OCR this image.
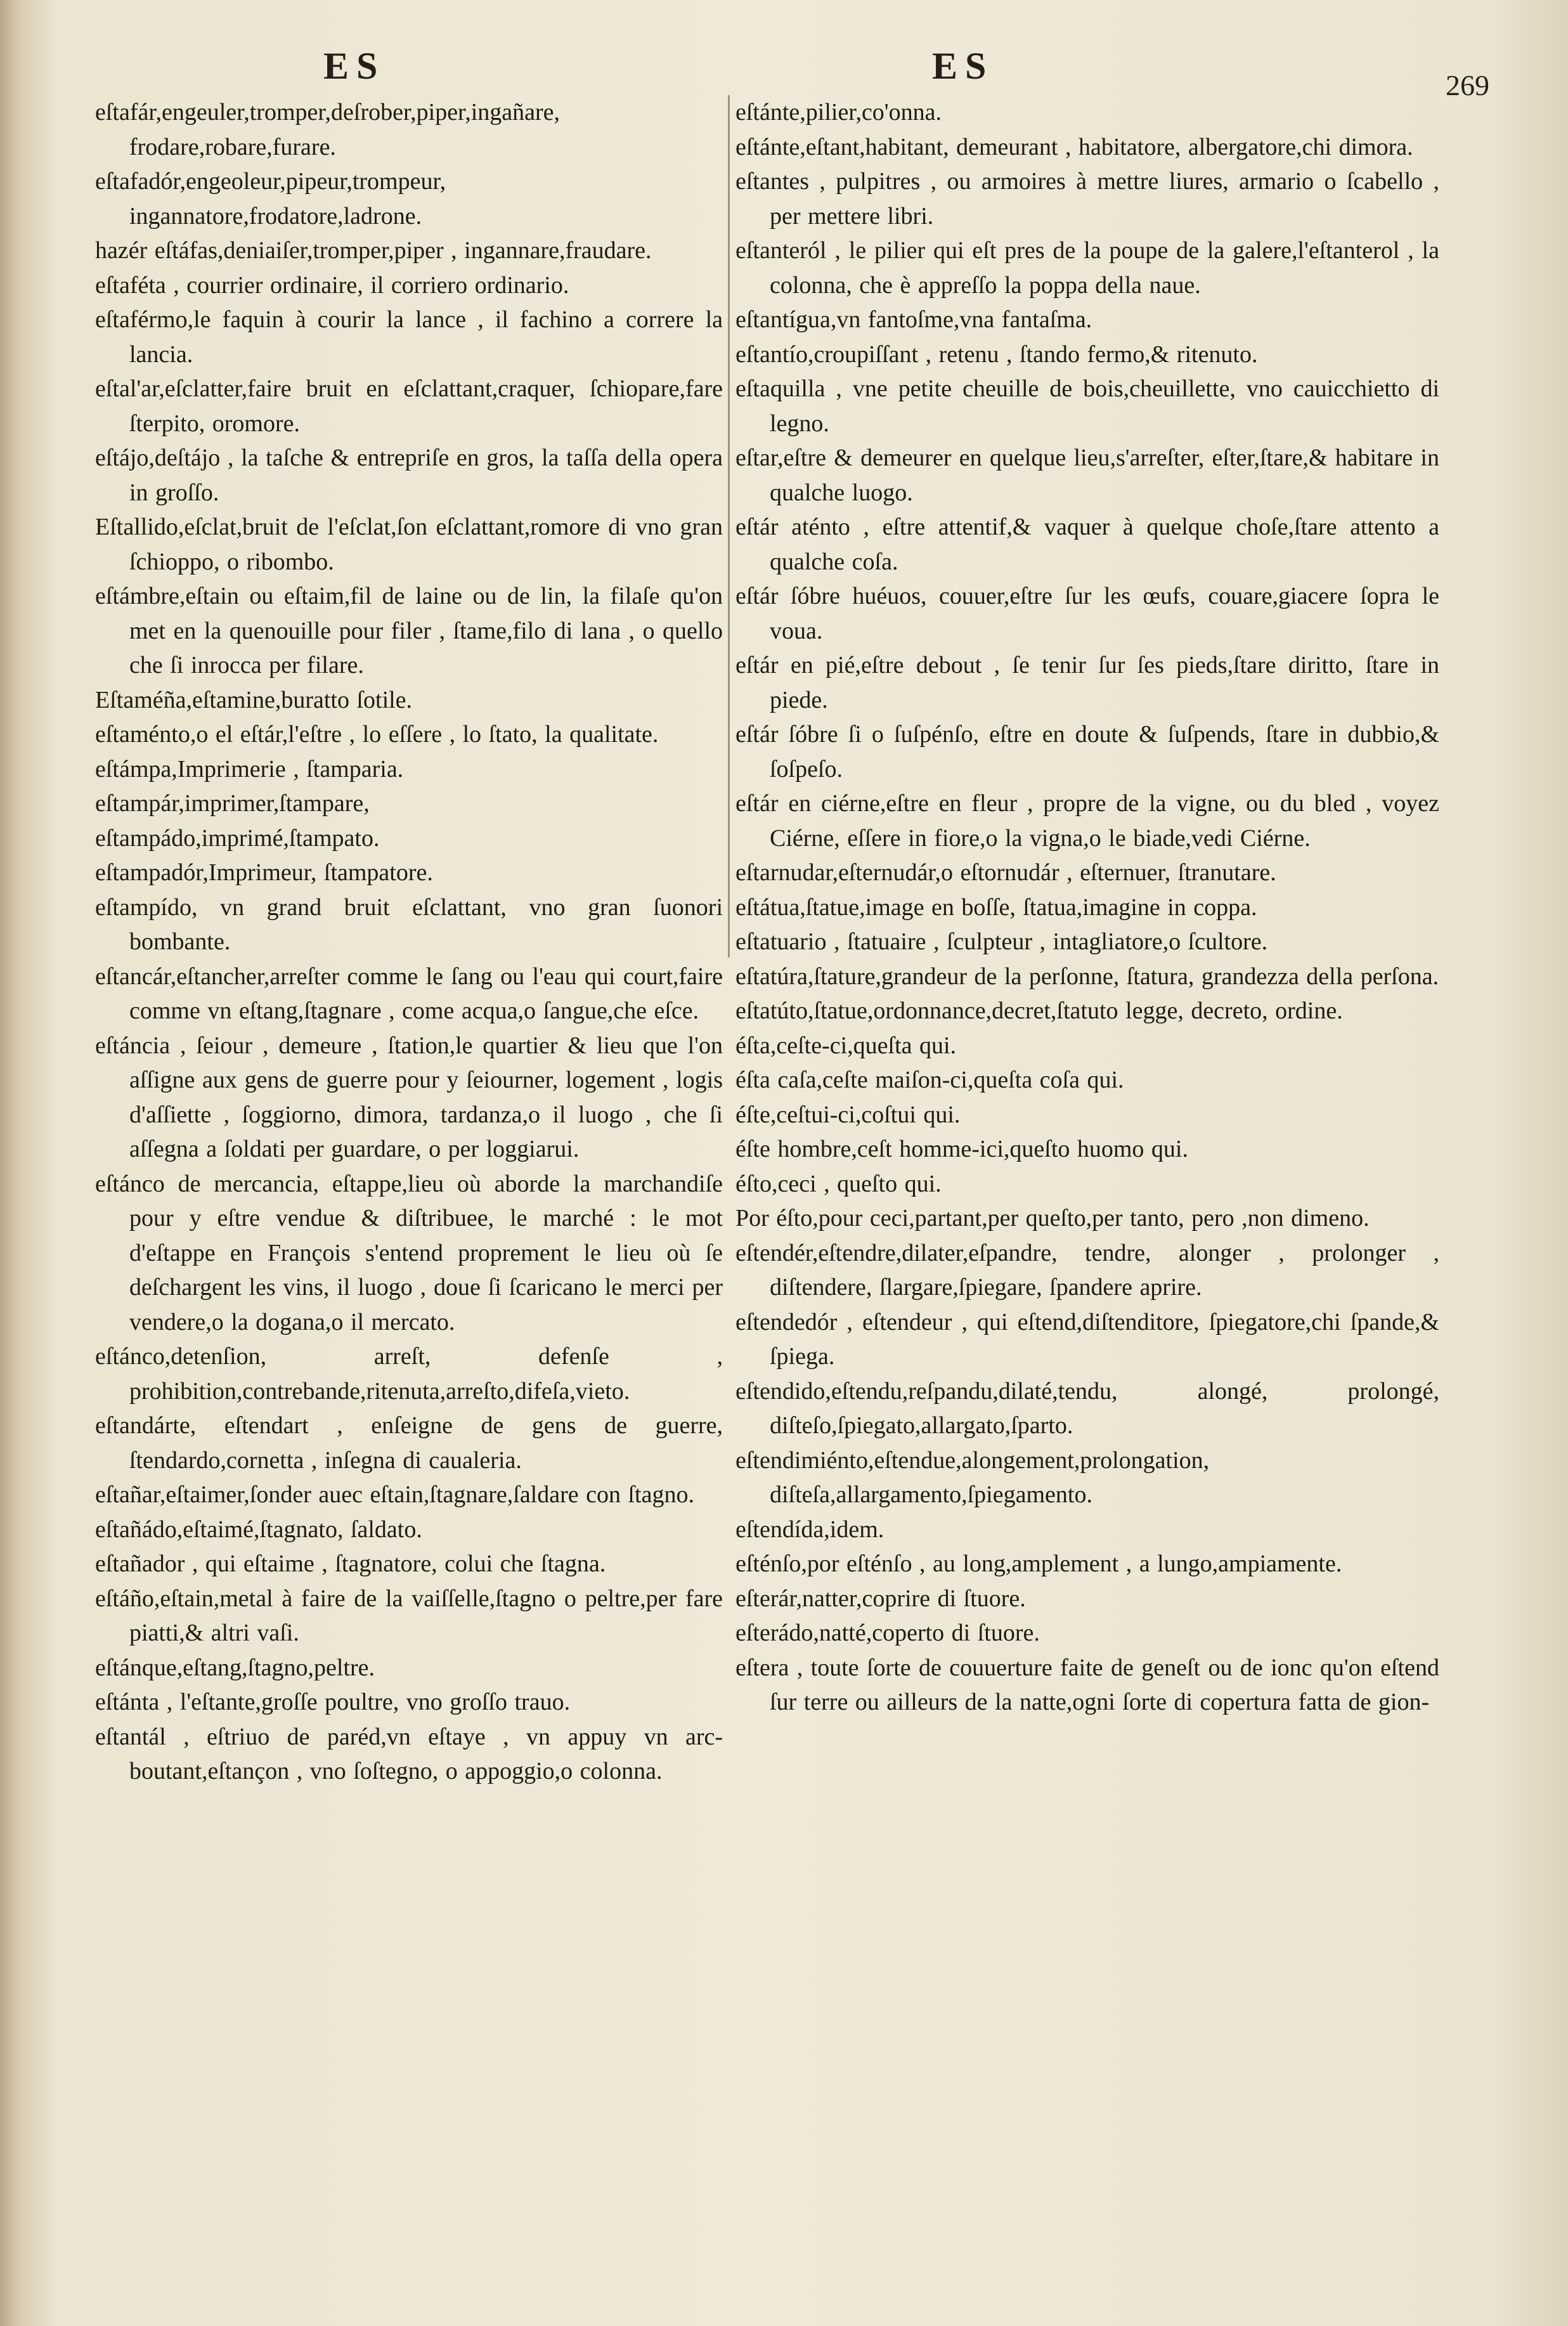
ES	ES	269

eſtafár,engeuler,tromper,deſrober,piper,ingañare, frodare,robare,furare.

eſtafadór,engeoleur,pipeur,trompeur, ingannatore,frodatore,ladrone.

hazér eſtáfas,deniaiſer,tromper,piper , ingannare,fraudare.

eſtaféta , courrier ordinaire, il corriero ordinario.

eſtaférmo,le faquin à courir la lance , il fachino a correre la lancia.

eſtal'ar,eſclatter,faire bruit en eſclattant,craquer, ſchiopare,fare ſterpito, oromore.

eſtájo,deſtájo , la taſche & entrepriſe en gros, la taſſa della opera in groſſo.

Eſtallido,eſclat,bruit de l'eſclat,ſon eſclattant,romore di vno gran ſchioppo, o ribombo.

eſtámbre,eſtain ou eſtaim,fil de laine ou de lin, la filaſe qu'on met en la quenouille pour filer , ſtame,filo di lana , o quello che ſi inrocca per filare.

Eſtaméña,eſtamine,buratto ſotile.

eſtaménto,o el eſtár,l'eſtre , lo eſſere , lo ſtato, la qualitate.

eſtámpa,Imprimerie , ſtamparia.

eſtampár,imprimer,ſtampare,

eſtampádo,imprimé,ſtampato.

eſtampadór,Imprimeur, ſtampatore.

eſtampído, vn grand bruit eſclattant, vno gran ſuonori bombante.

eſtancár,eſtancher,arreſter comme le ſang ou l'eau qui court,faire comme vn eſtang,ſtagnare , come acqua,o ſangue,che eſce.

eſtáncia , ſeiour , demeure , ſtation,le quartier & lieu que l'on aſſigne aux gens de guerre pour y ſeiourner, logement , logis d'aſſiette , ſoggiorno, dimora, tardanza,o il luogo , che ſi aſſegna a ſoldati per guardare, o per loggiarui.

eſtánco de mercancia, eſtappe,lieu où aborde la marchandiſe pour y eſtre vendue & diſtribuee, le marché : le mot d'eſtappe en François s'entend proprement le lieu où ſe deſchargent les vins, il luogo , doue ſi ſcaricano le merci per vendere,o la dogana,o il mercato.

eſtánco,detenſion, arreſt, defenſe , prohibition,contrebande,ritenuta,arreſto,difeſa,vieto.

eſtandárte, eſtendart , enſeigne de gens de guerre, ſtendardo,cornetta , inſegna di caualeria.

eſtañar,eſtaimer,ſonder auec eſtain,ſtagnare,ſaldare con ſtagno.

eſtañádo,eſtaimé,ſtagnato, ſaldato.

eſtañador , qui eſtaime , ſtagnatore, colui che ſtagna.

eſtáño,eſtain,metal à faire de la vaiſſelle,ſtagno o peltre,per fare piatti,& altri vaſi.

eſtánque,eſtang,ſtagno,peltre.

eſtánta , l'eſtante,groſſe poultre, vno groſſo trauo.

eſtantál , eſtriuo de paréd,vn eſtaye , vn appuy vn arc-boutant,eſtançon , vno ſoſtegno, o appoggio,o colonna.

eſtánte,pilier,co'onna.

eſtánte,eſtant,habitant, demeurant , habitatore, albergatore,chi dimora.

eſtantes , pulpitres , ou armoires à mettre liures, armario o ſcabello , per mettere libri.

eſtanteról , le pilier qui eſt pres de la poupe de la galere,l'eſtanterol , la colonna, che è appreſſo la poppa della naue.

eſtantígua,vn fantoſme,vna fantaſma.

eſtantío,croupiſſant , retenu , ſtando fermo,& ritenuto.

eſtaquilla , vne petite cheuille de bois,cheuillette, vno cauicchietto di legno.

eſtar,eſtre & demeurer en quelque lieu,s'arreſter, eſter,ſtare,& habitare in qualche luogo.

eſtár aténto , eſtre attentif,& vaquer à quelque choſe,ſtare attento a qualche coſa.

eſtár ſóbre huéuos, couuer,eſtre ſur les œufs, couare,giacere ſopra le voua.

eſtár en pié,eſtre debout , ſe tenir ſur ſes pieds,ſtare diritto, ſtare in piede.

eſtár ſóbre ſi o ſuſpénſo, eſtre en doute & ſuſpends, ſtare in dubbio,& ſoſpeſo.

eſtár en ciérne,eſtre en fleur , propre de la vigne, ou du bled , voyez Ciérne, eſſere in fiore,o la vigna,o le biade,vedi Ciérne.

eſtarnudar,eſternudár,o eſtornudár , eſternuer, ſtranutare.

eſtátua,ſtatue,image en boſſe, ſtatua,imagine in coppa.

eſtatuario , ſtatuaire , ſculpteur , intagliatore,o ſcultore.

eſtatúra,ſtature,grandeur de la perſonne, ſtatura, grandezza della perſona.

eſtatúto,ſtatue,ordonnance,decret,ſtatuto legge, decreto, ordine.

éſta,ceſte-ci,queſta qui.

éſta caſa,ceſte maiſon-ci,queſta coſa qui.

éſte,ceſtui-ci,coſtui qui.

éſte hombre,ceſt homme-ici,queſto huomo qui.

éſto,ceci , queſto qui.

Por éſto,pour ceci,partant,per queſto,per tanto, pero ,non dimeno.

eſtendér,eſtendre,dilater,eſpandre, tendre, alonger , prolonger , diſtendere, ſlargare,ſpiegare, ſpandere aprire.

eſtendedór , eſtendeur , qui eſtend,diſtenditore, ſpiegatore,chi ſpande,& ſpiega.

eſtendido,eſtendu,reſpandu,dilaté,tendu, alongé, prolongé, diſteſo,ſpiegato,allargato,ſparto.

eſtendimiénto,eſtendue,alongement,prolongation, diſteſa,allargamento,ſpiegamento.

eſtendída,idem.

eſténſo,por eſténſo , au long,amplement , a lungo,ampiamente.

eſterár,natter,coprire di ſtuore.

eſterádo,natté,coperto di ſtuore.

eſtera , toute ſorte de couuerture faite de geneſt ou de ionc qu'on eſtend ſur terre ou ailleurs de la natte,ogni ſorte di copertura fatta de gion-
